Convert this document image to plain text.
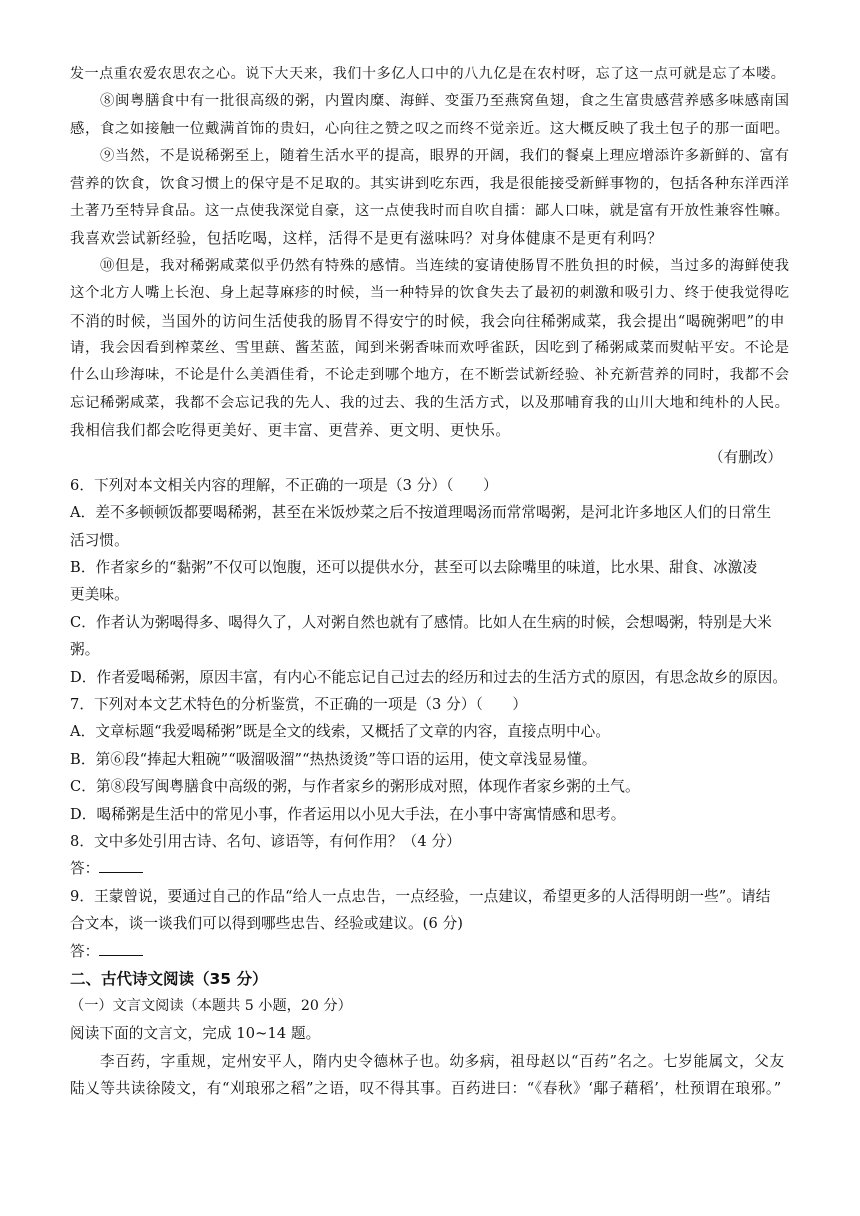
发一点重农爱农思农之心。说下大天来，我们十多亿人口中的八九亿是在农村呀，忘了这一点可就是忘了本喽。
⑧闽粤膳食中有一批很高级的粥，内置肉糜、海鲜、变蛋乃至燕窝鱼翅，食之生富贵感营养感多味感南国
感，食之如接触一位戴满首饰的贵妇，心向往之赞之叹之而终不觉亲近。这大概反映了我土包子的那一面吧。
⑨当然，不是说稀粥至上，随着生活水平的提高，眼界的开阔，我们的餐桌上理应增添许多新鲜的、富有
营养的饮食，饮食习惯上的保守是不足取的。其实讲到吃东西，我是很能接受新鲜事物的，包括各种东洋西洋
土著乃至特异食品。这一点使我深觉自豪，这一点使我时而自吹自擂：鄙人口味，就是富有开放性兼容性嘛。
我喜欢尝试新经验，包括吃喝，这样，活得不是更有滋味吗？对身体健康不是更有利吗？
⑩但是，我对稀粥咸菜似乎仍然有特殊的感情。当连续的宴请使肠胃不胜负担的时候，当过多的海鲜使我
这个北方人嘴上长泡、身上起荨麻疹的时候，当一种特异的饮食失去了最初的刺激和吸引力、终于使我觉得吃
不消的时候，当国外的访问生活使我的肠胃不得安宁的时候，我会向往稀粥咸菜，我会提出“喝碗粥吧”的申
请，我会因看到榨菜丝、雪里蕻、酱苤蓝，闻到米粥香味而欢呼雀跃，因吃到了稀粥咸菜而熨帖平安。不论是
什么山珍海味，不论是什么美酒佳肴，不论走到哪个地方，在不断尝试新经验、补充新营养的同时，我都不会
忘记稀粥咸菜，我都不会忘记我的先人、我的过去、我的生活方式，以及那哺育我的山川大地和纯朴的人民。
我相信我们都会吃得更美好、更丰富、更营养、更文明、更快乐。
（有删改）
6．下列对本文相关内容的理解，不正确的一项是（3 分）（　　）
A．差不多顿顿饭都要喝稀粥，甚至在米饭炒菜之后不按道理喝汤而常常喝粥，是河北许多地区人们的日常生
活习惯。
B．作者家乡的“黏粥”不仅可以饱腹，还可以提供水分，甚至可以去除嘴里的味道，比水果、甜食、冰激凌
更美味。
C．作者认为粥喝得多、喝得久了，人对粥自然也就有了感情。比如人在生病的时候，会想喝粥，特别是大米
粥。
D．作者爱喝稀粥，原因丰富，有内心不能忘记自己过去的经历和过去的生活方式的原因，有思念故乡的原因。
7．下列对本文艺术特色的分析鉴赏，不正确的一项是（3 分）（　　）
A．文章标题“我爱喝稀粥”既是全文的线索，又概括了文章的内容，直接点明中心。
B．第⑥段“捧起大粗碗”“吸溜吸溜”“热热烫烫”等口语的运用，使文章浅显易懂。
C．第⑧段写闽粤膳食中高级的粥，与作者家乡的粥形成对照，体现作者家乡粥的土气。
D．喝稀粥是生活中的常见小事，作者运用以小见大手法，在小事中寄寓情感和思考。
8．文中多处引用古诗、名句、谚语等，有何作用？（4 分）
答：
9．王蒙曾说，要通过自己的作品“给人一点忠告，一点经验，一点建议，希望更多的人活得明朗一些”。请结
合文本，谈一谈我们可以得到哪些忠告、经验或建议。(6 分)
答：
二、古代诗文阅读（35 分）
（一）文言文阅读（本题共 5 小题，20 分）
阅读下面的文言文，完成 10~14 题。
李百药，字重规，定州安平人，隋内史令德林子也。幼多病，祖母赵以“百药”名之。七岁能属文，父友
陆乂等共读徐陵文，有“刈琅邪之稻”之语，叹不得其事。百药进曰：“《春秋》‘鄅子藉稻’，杜预谓在琅邪。”
